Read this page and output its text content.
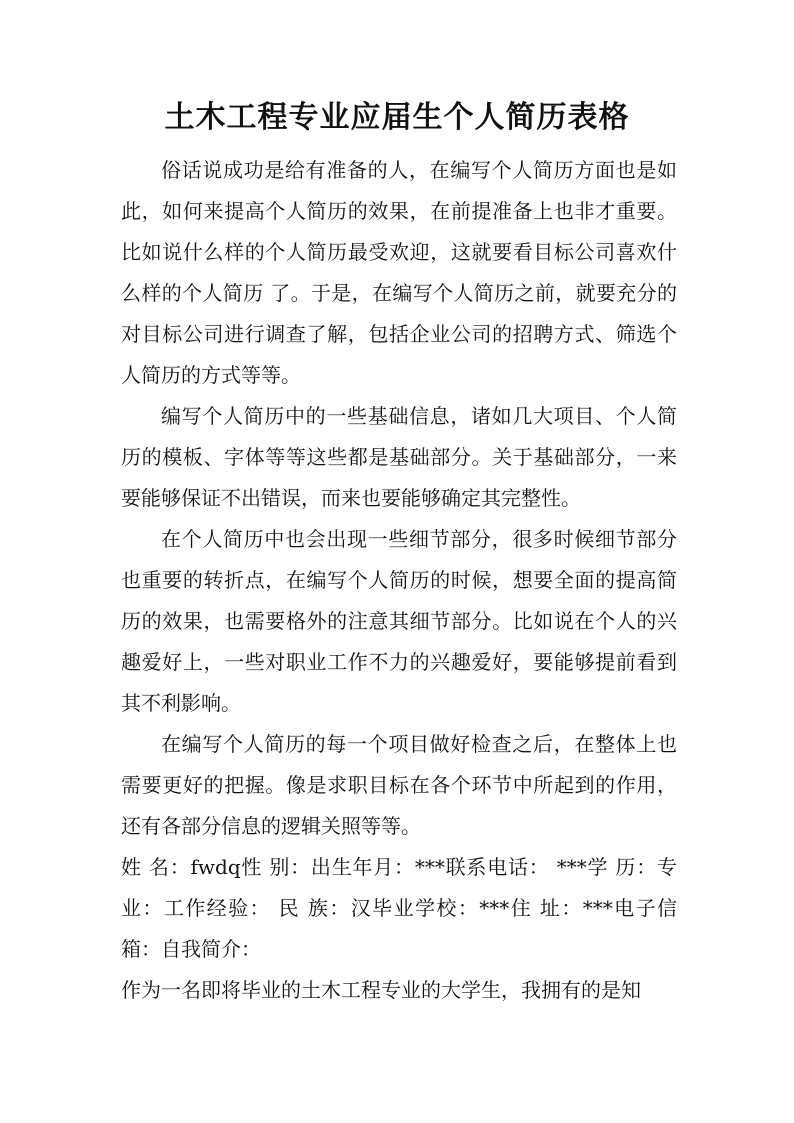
土木工程专业应届生个人简历表格

俗话说成功是给有准备的人，在编写个人简历方面也是如此，如何来提高个人简历的效果，在前提准备上也非才重要。比如说什么样的个人简历最受欢迎，这就要看目标公司喜欢什么样的个人简历 了。于是，在编写个人简历之前，就要充分的对目标公司进行调查了解，包括企业公司的招聘方式、筛选个人简历的方式等等。

编写个人简历中的一些基础信息，诸如几大项目、个人简历的模板、字体等等这些都是基础部分。关于基础部分，一来要能够保证不出错误，而来也要能够确定其完整性。

在个人简历中也会出现一些细节部分，很多时候细节部分也重要的转折点，在编写个人简历的时候，想要全面的提高简历的效果，也需要格外的注意其细节部分。比如说在个人的兴趣爱好上，一些对职业工作不力的兴趣爱好，要能够提前看到其不利影响。

在编写个人简历的每一个项目做好检查之后，在整体上也需要更好的把握。像是求职目标在各个环节中所起到的作用，还有各部分信息的逻辑关照等等。

姓 名：fwdq性 别：出生年月：***联系电话： ***学 历：专业：工作经验： 民 族：汉毕业学校：***住 址：***电子信箱：自我简介：

作为一名即将毕业的土木工程专业的大学生，我拥有的是知
